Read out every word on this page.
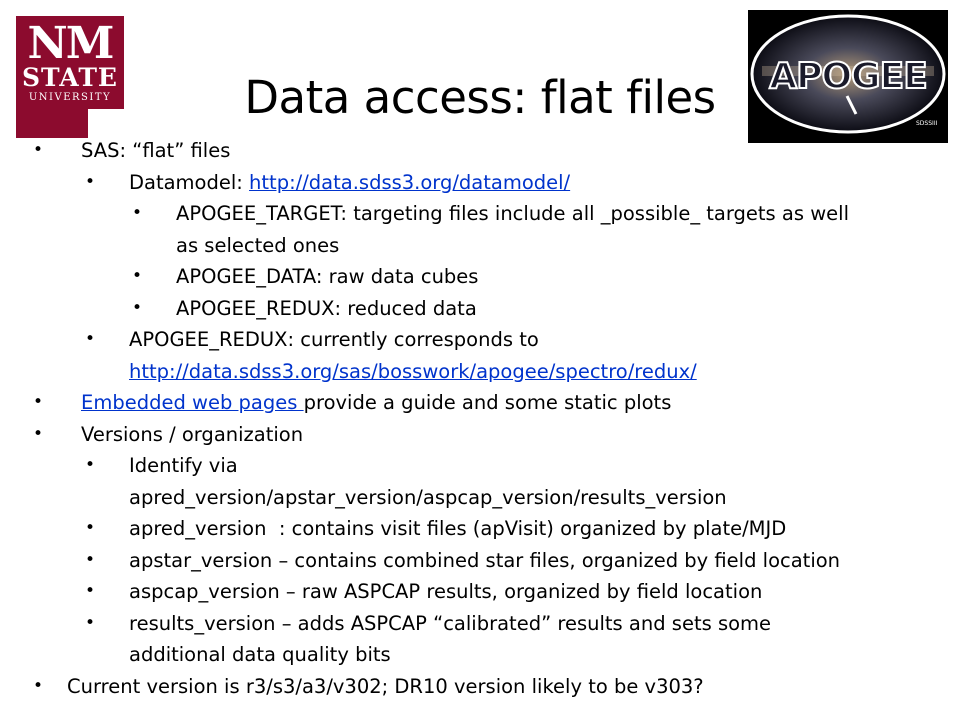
NM
STATE
UNIVERSITY
APOGEE
SDSSIII
Data access: flat files
•	SAS: “flat” files
•	Datamodel: http://data.sdss3.org/datamodel/
•	APOGEE_TARGET: targeting files include all _possible_ targets as well
as selected ones
•	APOGEE_DATA: raw data cubes
•	APOGEE_REDUX: reduced data
•	APOGEE_REDUX: currently corresponds to
http://data.sdss3.org/sas/bosswork/apogee/spectro/redux/
•	Embedded web pages provide a guide and some static plots
•	Versions / organization
•	Identify via
apred_version/apstar_version/aspcap_version/results_version
•	apred_version  : contains visit files (apVisit) organized by plate/MJD
•	apstar_version – contains combined star files, organized by field location
•	aspcap_version – raw ASPCAP results, organized by field location
•	results_version – adds ASPCAP “calibrated” results and sets some
additional data quality bits
•	Current version is r3/s3/a3/v302; DR10 version likely to be v303?
